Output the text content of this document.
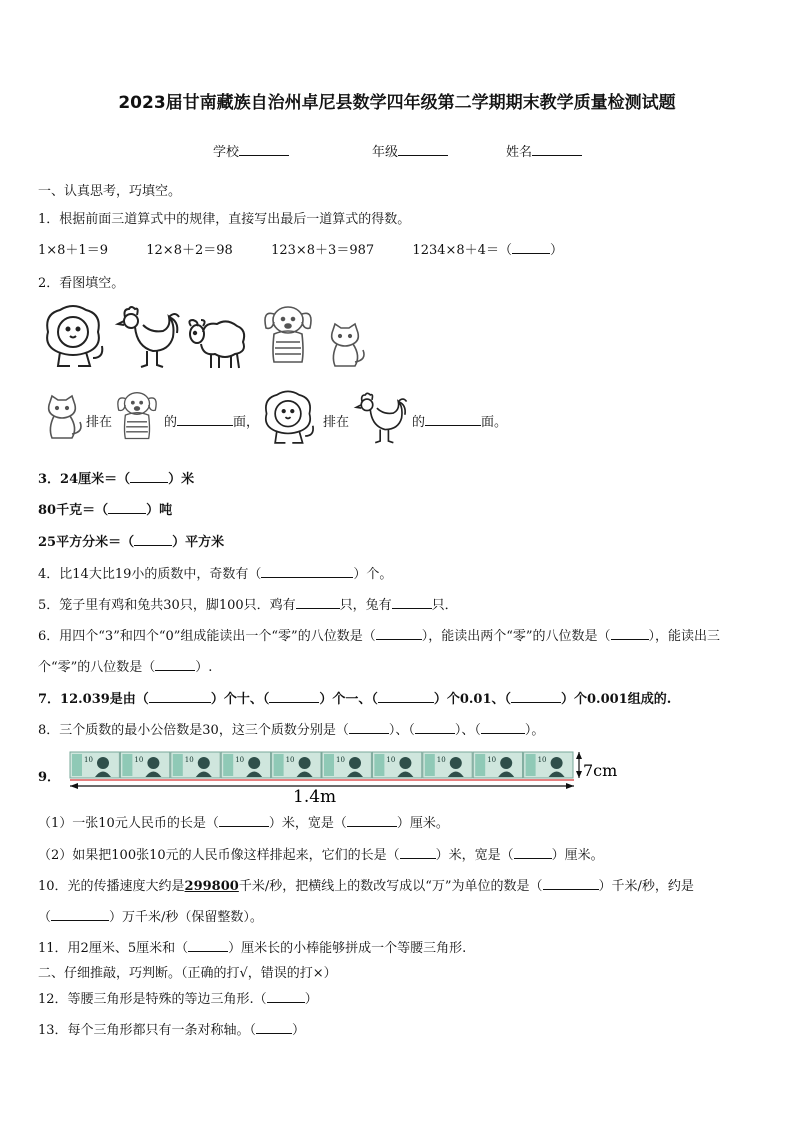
2023届甘南藏族自治州卓尼县数学四年级第二学期期末教学质量检测试题
学校	年级	姓名
一、认真思考，巧填空。
1．根据前面三道算式中的规律，直接写出最后一道算式的得数。
1×8＋1＝9	12×8＋2＝98	123×8＋3＝987	1234×8＋4＝（	）
2．看图填空。
排在	的	面，	排在	的	面。
3．24厘米＝（	）米
80千克＝（	）吨
25平方分米＝（	）平方米
4．比14大比19小的质数中，奇数有（	）个。
5．笼子里有鸡和兔共30只，脚100只．鸡有	只，兔有	只．
6．用四个“3”和四个“0”组成能读出一个“零”的八位数是（	），能读出两个“零”的八位数是（	），能读出三
个“零”的八位数是（	）.
7．12.039是由（	）个十、（	）个一、（	）个0.01、（	）个0.001组成的.
8．三个质数的最小公倍数是30，这三个质数分别是（	）、（	）、（	）。
9．
10	10	10	10	10	10	10	10	10	10
1.4m
7cm
（1）一张10元人民币的长是（	）米，宽是（	）厘米。
（2）如果把100张10元的人民币像这样排起来，它们的长是（	）米，宽是（	）厘米。
10．光的传播速度大约是299800千米/秒，把横线上的数改写成以“万”为单位的数是（	）千米/秒，约是
（	）万千米/秒（保留整数）。
11．用2厘米、5厘米和（	）厘米长的小棒能够拼成一个等腰三角形.
二、仔细推敲，巧判断。（正确的打√，错误的打×）
12．等腰三角形是特殊的等边三角形.（	）
13．每个三角形都只有一条对称轴。（	）
